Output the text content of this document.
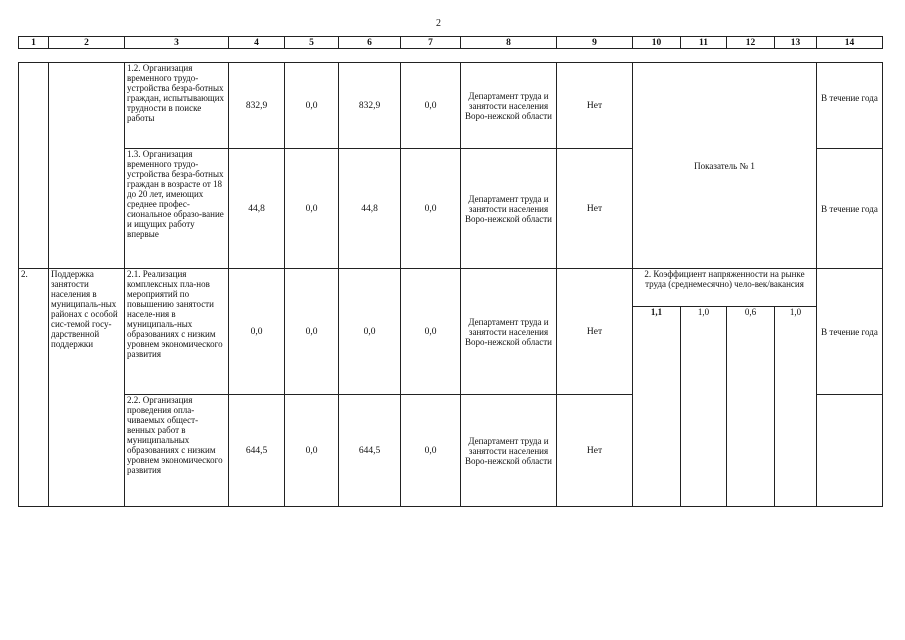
2
1	2	3	4	5	6	7	8	9	10	11	12	13	14
		1.2. Организация временного трудо-устройства безра-ботных граждан, испытывающих трудности в поиске работы	832,9	0,0	832,9	0,0	Департамент труда и занятости населения Воро-нежской области	Нет	Показатель № 1				В течение года
		1.3. Организация временного трудо-устройства безра-ботных граждан в возрасте от 18 до 20 лет, имеющих среднее профес-сиональное образо-вание и ищущих работу впервые	44,8	0,0	44,8	0,0	Департамент труда и занятости населения Воро-нежской области	Нет					В течение года
2.	Поддержка занятости населения в муниципаль-ных районах с особой сис-темой госу-дарственной поддержки	2.1. Реализация комплексных пла-нов мероприятий по повышению занятости населе-ния в муниципаль-ных образованиях с низким уровнем экономического развития	0,0	0,0	0,0	0,0	Департамент труда и занятости населения Воро-нежской области	Нет	2. Коэффициент напряженности на рынке труда (среднемесячно) чело-век/вакансия				В течение года
									1,1	1,0	0,6	1,0	
		2.2. Организация проведения опла-чиваемых общест-венных работ в муниципальных образованиях с низким уровнем экономического развития	644,5	0,0	644,5	0,0	Департамент труда и занятости населения Воро-нежской области	Нет					
